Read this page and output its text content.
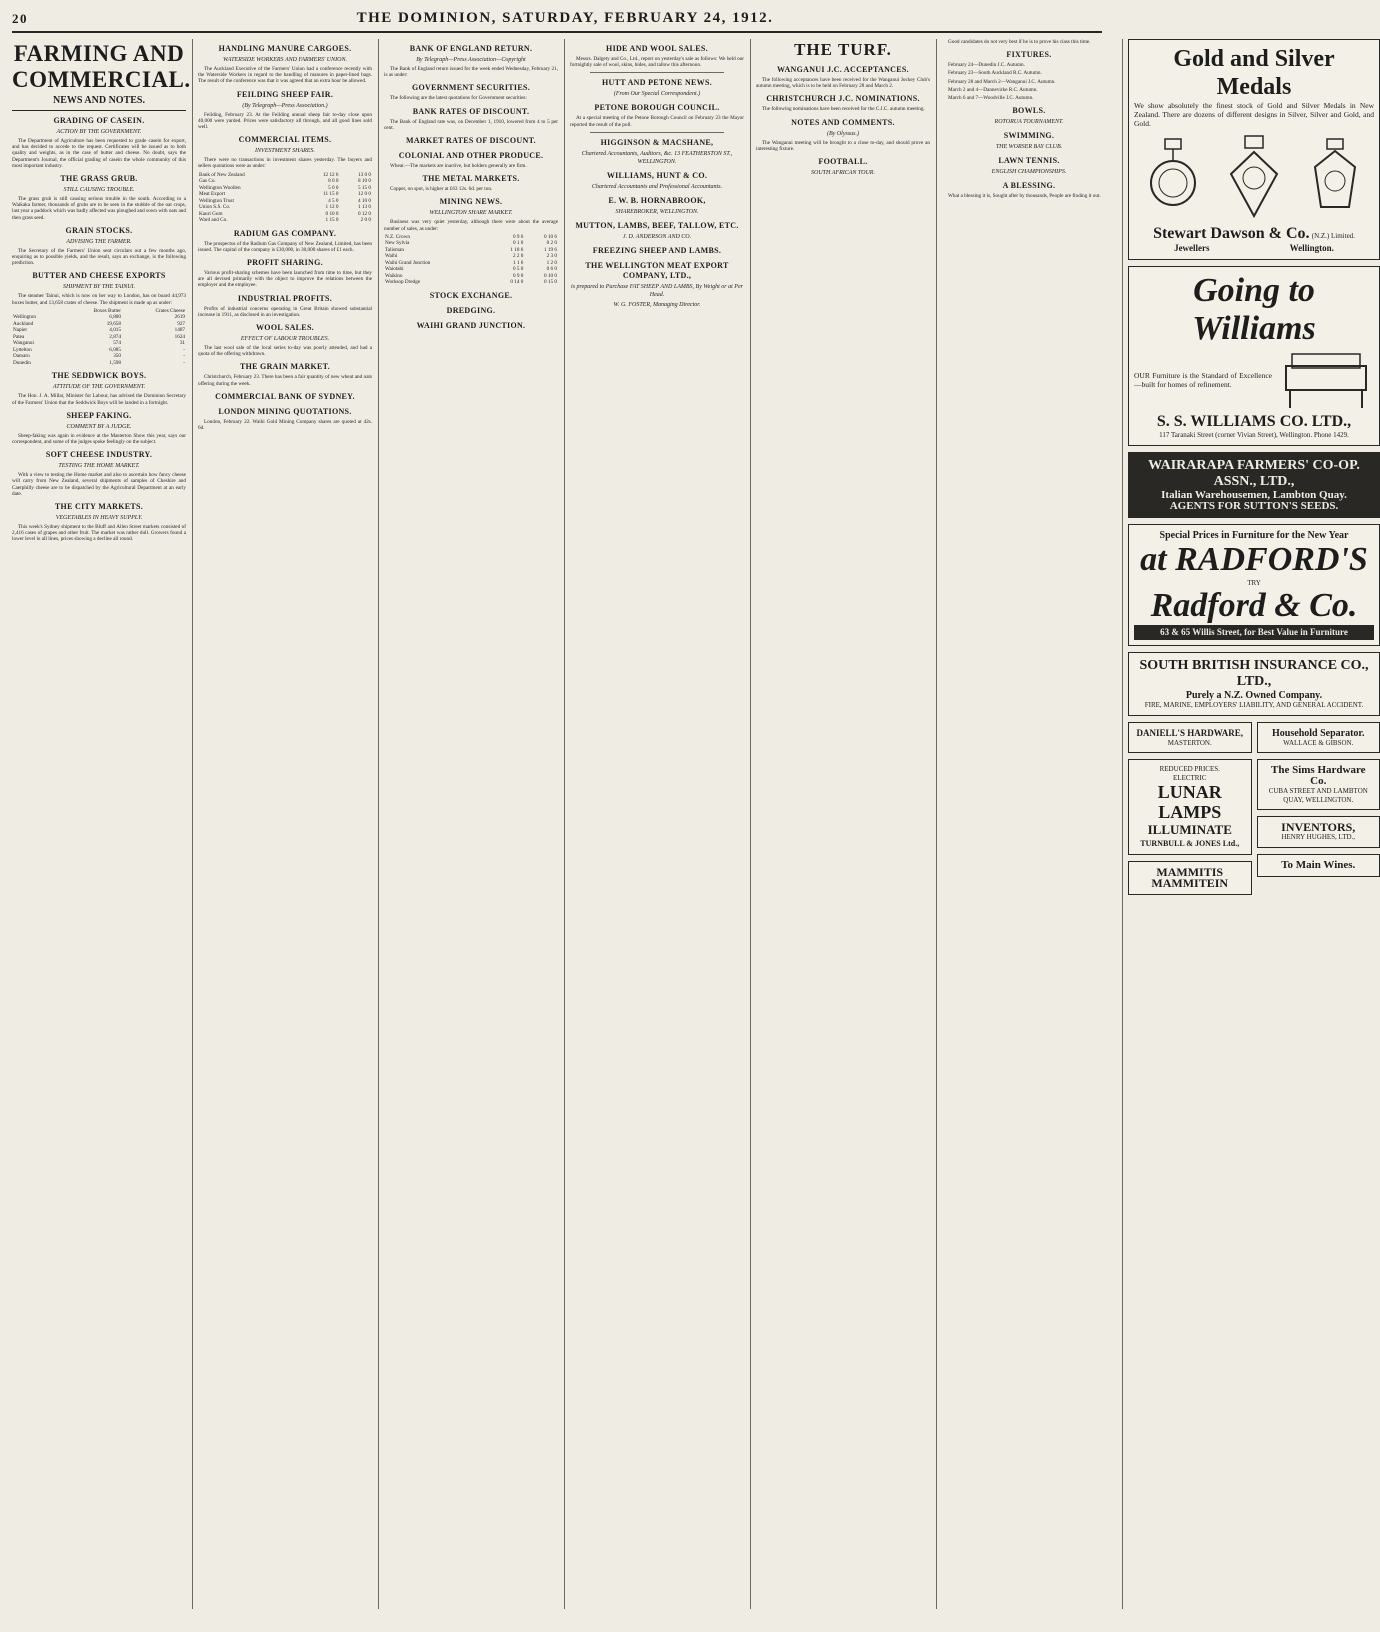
20	THE DOMINION, SATURDAY, FEBRUARY 24, 1912.
FARMING AND COMMERCIAL.
NEWS AND NOTES.
GRADING OF CASEIN.
ACTION BY THE GOVERNMENT.

The Department of Agriculture has been requested to grade casein for export, and has decided to accede to the request. Certificates will be issued as to both quality and weights, as in the case of butter and cheese. No doubt, says the Department's Journal, the official grading of casein the whole community of this most important industry.

THE GRASS GRUB.
STILL CAUSING TROUBLE.

The grass grub is still causing serious trouble in the south. According to a Waikaka farmer, thousands of grubs are to be seen in the stubble of the oat crops, last year a paddock which was badly affected was ploughed and sown with oats and then grass seed.

GRAIN STOCKS.
ADVISING THE FARMER.

The Secretary of the Farmers' Union sent circulars out a few months ago, enquiring as to possible yields, and the result, says an exchange, is the following prediction.

BUTTER AND CHEESE EXPORTS
SHIPMENT BY THE TAINUI.

The steamer Tainui, which is now on her way to London, has on board 44,973 boxes butter, and 13,658 crates of cheese. The shipment is made up as under:

	Boxes Butter	Crates Cheese
Wellington	6,800	2619
Auckland	19,658	927
Napier	4,015	1487
Patea	2,874	1624
Wanganui	574	31
Lyttelton	6,085	-
Oamaru	350	-
Dunedin	1,598	-
THE SEDDWICK BOYS.
ATTITUDE OF THE GOVERNMENT.

The Hon. J. A. Millar, Minister for Labour, has advised the Dominion Secretary of the Farmers' Union that the Seddwick Boys will be landed in a fortnight.

SHEEP FAKING.
COMMENT BY A JUDGE.

Sheep-faking was again in evidence at the Masterton Show this year, says our correspondent, and some of the judges spoke feelingly on the subject.

SOFT CHEESE INDUSTRY.
TESTING THE HOME MARKET.

With a view to testing the Home market and also to ascertain how fancy cheese will carry from New Zealand, several shipments of samples of Cheshire and Caerphilly cheese are to be dispatched by the Agricultural Department at an early date.

THE CITY MARKETS.
VEGETABLES IN HEAVY SUPPLY.

This week's Sydney shipment to the Bluff and Allen Street markets consisted of 2,416 cases of grapes and other fruit. The market was rather dull. Growers found a lower level in all lines, prices showing a decline all round.

HANDLING MANURE CARGOES.
WATERSIDE WORKERS AND FARMERS' UNION.

The Auckland Executive of the Farmers' Union had a conference recently with the Waterside Workers in regard to the handling of manures in paper-lined bags. The result of the conference was that it was agreed that an extra hour be allowed.

FEILDING SHEEP FAIR.
(By Telegraph—Press Association.)

Feilding, February 23. At the Feilding annual sheep fair to-day close upon 40,000 were yarded. Prices were satisfactory all through, and all good lines sold well.

COMMERCIAL ITEMS.
INVESTMENT SHARES.

There were no transactions in investment shares yesterday. The buyers and sellers quotations were as under:

Bank of New Zealand	12 12 6	13 0 0
Gas Co.	8 0 0	8 10 0
Wellington Woollen	5 0 0	5 15 0
Meat Export	11 15 0	12 0 0
Wellington Trust	4 5 0	4 10 0
Union S.S. Co.	1 12 0	1 13 0
Kauri Gum	0 10 0	0 12 0
Ward and Co.	1 15 0	2 0 0
RADIUM GAS COMPANY.

The prospectus of the Radium Gas Company of New Zealand, Limited, has been issued. The capital of the company is £30,000, in 30,000 shares of £1 each.

PROFIT SHARING.

Various profit-sharing schemes have been launched from time to time, but they are all devised primarily with the object to improve the relations between the employer and the employee.

INDUSTRIAL PROFITS.

Profits of industrial concerns operating in Great Britain showed substantial increase in 1911, as disclosed in an investigation.

WOOL SALES.
EFFECT OF LABOUR TROUBLES.

The last wool sale of the local series to-day was poorly attended, and had a quota of the offering withdrawn.

THE GRAIN MARKET.

Christchurch, February 23. There has been a fair quantity of new wheat and oats offering during the week.

COMMERCIAL BANK OF SYDNEY.
LONDON MINING QUOTATIONS.

London, February 22. Waihi Gold Mining Company shares are quoted at 42s. 6d.

BANK OF ENGLAND RETURN.
By Telegraph—Press Association—Copyright

The Bank of England return issued for the week ended Wednesday, February 21, is as under:

GOVERNMENT SECURITIES.

The following are the latest quotations for Government securities:

BANK RATES OF DISCOUNT.

The Bank of England rate was, on December 1, 1910, lowered from 4 to 5 per cent.

MARKET RATES OF DISCOUNT.
COLONIAL AND OTHER PRODUCE.

Wheat.—The markets are inactive, but holders generally are firm.

THE METAL MARKETS.

Copper, on spot, is higher at £63 12s. 6d. per ton.

MINING NEWS.
WELLINGTON SHARE MARKET.

Business was very quiet yesterday, although there were about the average number of sales, as under:

N.Z. Crown	0 9 6	0 10 6
New Sylvia	0 1 6	0 2 0
Talisman	1 18 6	1 19 6
Waihi	2 2 0	2 3 0
Waihi Grand Junction	1 1 6	1 2 0
Waiotahi	0 5 0	0 6 0
Waikino	0 9 0	0 10 0
Worksop Dredge	0 14 0	0 15 0
STOCK EXCHANGE.
DREDGING.
WAIHI GRAND JUNCTION.
HIDE AND WOOL SALES.

Messrs. Dalgety and Co., Ltd., report on yesterday's sale as follows: We held our fortnightly sale of wool, skins, hides, and tallow this afternoon.

HUTT AND PETONE NEWS.
(From Our Special Correspondent.)
PETONE BOROUGH COUNCIL.

At a special meeting of the Petone Borough Council on February 23 the Mayor reported the result of the poll.

HIGGINSON & MACSHANE,
Chartered Accountants, Auditors, &c. 13 FEATHERSTON ST., WELLINGTON.
WILLIAMS, HUNT & CO.
Chartered Accountants and Professional Accountants.
E. W. B. HORNABROOK,
SHAREBROKER, WELLINGTON.
MUTTON, LAMBS, BEEF, TALLOW, ETC.
J. D. ANDERSON AND CO.
FREEZING SHEEP AND LAMBS.
THE WELLINGTON MEAT EXPORT COMPANY, LTD.,
is prepared to Purchase FAT SHEEP AND LAMBS, By Weight or at Per Head.
W. G. FOSTER, Managing Director.
THE TURF.
WANGANUI J.C. ACCEPTANCES.

The following acceptances have been received for the Wanganui Jockey Club's autumn meeting, which is to be held on February 28 and March 2.

CHRISTCHURCH J.C. NOMINATIONS.

The following nominations have been received for the C.J.C. autumn meeting.

NOTES AND COMMENTS.
(By Olyssus.)

The Wanganui meeting will be brought to a close to-day, and should prove an interesting fixture.

FOOTBALL.
SOUTH AFRICAN TOUR.

Good candidates do not very best if he is to prove his class this time.

FIXTURES.

February 24—Dunedin J.C. Autumn.

February 23—South Auckland R.C. Autumn.

February 28 and March 2—Wanganui J.C. Autumn.

March 2 and 4—Dannevirke R.C. Autumn.

March 6 and 7—Woodville J.C. Autumn.

BOWLS.
ROTORUA TOURNAMENT.
SWIMMING.
THE WORSER BAY CLUB.
LAWN TENNIS.
ENGLISH CHAMPIONSHIPS.
A BLESSING.

What a blessing it is, Sought after by thousands, People are finding it out.

Gold and Silver Medals
We show absolutely the finest stock of Gold and Silver Medals in New Zealand. There are dozens of different designs in Silver, Silver and Gold, and Gold.
Stewart Dawson & Co. (N.Z.) Limited.
Jewellers	Wellington.
Going to Williams
OUR Furniture is the Standard of Excellence—built for homes of refinement.
S. S. WILLIAMS CO. LTD.,
117 Taranaki Street (corner Vivian Street), Wellington. Phone 1429.
WAIRARAPA FARMERS' CO-OP. ASSN., LTD.,
Italian Warehousemen, Lambton Quay.
AGENTS FOR SUTTON'S SEEDS.
Special Prices in Furniture for the New Year
at RADFORD'S
TRY
Radford & Co.
63 & 65 Willis Street, for Best Value in Furniture
SOUTH BRITISH INSURANCE CO., LTD.,
Purely a N.Z. Owned Company.
FIRE, MARINE, EMPLOYERS' LIABILITY, AND GENERAL ACCIDENT.
DANIELL'S HARDWARE,
MASTERTON.
REDUCED PRICES.
ELECTRIC
LUNAR
LAMPS
ILLUMINATE
TURNBULL & JONES Ltd.,
MAMMITIS
MAMMITEIN
Household Separator.
WALLACE & GIBSON.
The Sims Hardware Co.
CUBA STREET AND LAMBTON QUAY, WELLINGTON.
INVENTORS,
HENRY HUGHES, LTD.,
To Main Wines.
